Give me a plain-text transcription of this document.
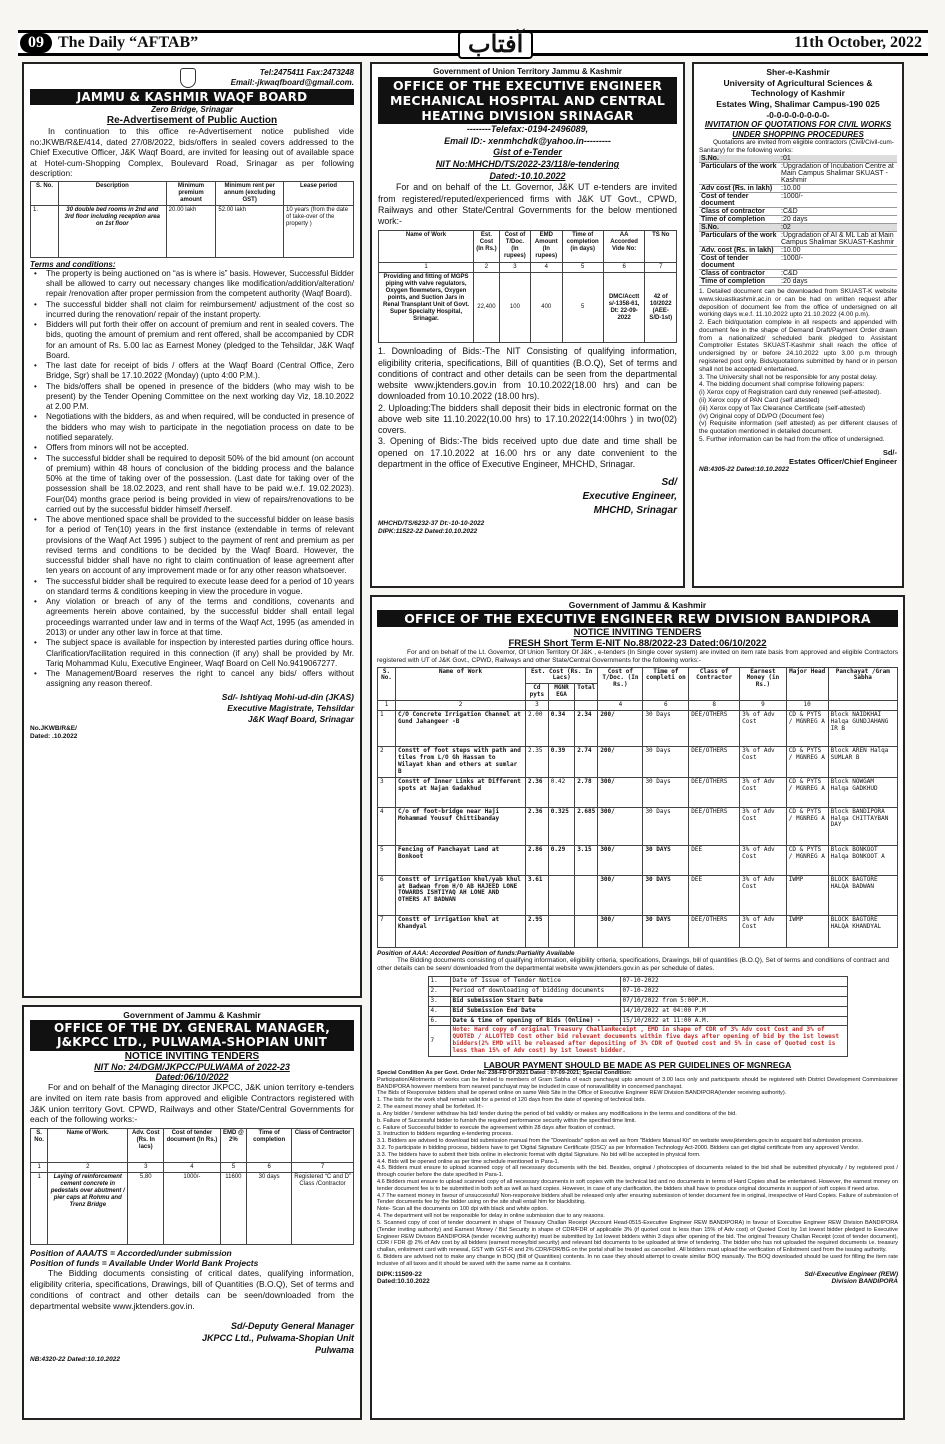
09 The Daily “AFTAB”	آفتاب	11th October, 2022
Tel:2475411 Fax:2473248
Email:-jkwaqfboard@gmail.com.
JAMMU & KASHMIR WAQF BOARD
Zero Bridge, Srinagar
Re-Advertisement of Public Auction
In continuation to this office re-Advertisement notice published vide no:JKWB/R&E/414, dated 27/08/2022, bids/offers in sealed covers addressed to the Chief Executive Officer, J&K Waqf Board, are invited for leasing out of available space at Hotel-cum-Shopping Complex, Boulevard Road, Srinagar as per following description:
S. No.	Description	Minimum premium amount	Minimum rent per annum (excluding GST)	Lease period
1.	30 double bed rooms in 2nd and 3rd floor including reception area on 1st floor	20.00 lakh	52.00 lakh	10 years (from the date of take-over of the property )
Terms and conditions:
• The property is being auctioned on “as is where is” basis. However, Successful Bidder shall be allowed to carry out necessary changes like modification/addition/alteration/ repair /renovation after proper permission from the competent authority (Waqf Board).
• The successful bidder shall not claim for reimbursement/ adjustment of the cost so incurred during the renovation/ repair of the instant property.
• Bidders will put forth their offer on account of premium and rent in sealed covers. The bids, quoting the amount of premium and rent offered, shall be accompanied by CDR for an amount of Rs. 5.00 lac as Earnest Money (pledged to the Tehsildar, J&K Waqf Board.
• The last date for receipt of bids / offers at the Waqf Board (Central Office, Zero Bridge, Sgr) shall be 17.10.2022 (Monday) (upto 4:00 P.M.).
• The bids/offers shall be opened in presence of the bidders (who may wish to be present) by the Tender Opening Committee on the next working day Viz, 18.10.2022 at 2.00 P.M.
• Negotiations with the bidders, as and when required, will be conducted in presence of the bidders who may wish to participate in the negotiation process on date to be notified separately.
• Offers from minors will not be accepted.
• The successful bidder shall be required to deposit 50% of the bid amount (on account of premium) within 48 hours of conclusion of the bidding process and the balance 50% at the time of taking over of the possession. (Last date for taking over of the possession shall be 18.02.2023, and rent shall have to be paid w.e.f. 19.02.2023). Four(04) months grace period is being provided in view of repairs/renovations to be carried out by the successful bidder himself /herself.
• The above mentioned space shall be provided to the successful bidder on lease basis for a period of Ten(10) years in the first instance (extendable in terms of relevant provisions of the Waqf Act 1995 ) subject to the payment of rent and premium as per revised terms and conditions to be decided by the Waqf Board. However, the successful bidder shall have no right to claim continuation of lease agreement after ten years on account of any improvement made or for any other reason whatsoever.
• The successful bidder shall be required to execute lease deed for a period of 10 years on standard terms & conditions keeping in view the procedure in vogue.
• Any violation or breach of any of the terms and conditions, covenants and agreements herein above contained, by the successful bidder shall entail legal proceedings warranted under law and in terms of the Waqf Act, 1995 (as amended in 2013) or under any other law in force at that time.
• The subject space is available for inspection by interested parties during office hours. Clarification/facilitation required in this connection (if any) shall be provided by Mr. Tariq Mohammad Kulu, Executive Engineer, Waqf Board on Cell No.9419067277.
• The Management/Board reserves the right to cancel any bids/ offers without assigning any reason thereof.
Sd/- Ishtiyaq Mohi-ud-din (JKAS)
Executive Magistrate, Tehsildar
J&K Waqf Board, Srinagar
No.JKWB/R&E/
Dated: .10.2022
Government of Union Territory Jammu & Kashmir
OFFICE OF THE EXECUTIVE ENGINEER MECHANICAL HOSPITAL AND CENTRAL HEATING DIVISION SRINAGAR
--------Telefax:-0194-2496089,
Email ID:- xenmhchdk@yahoo.in---------
Gist of e-Tender
NIT No:MHCHD/TS/2022-23/118/e-tendering
Dated:-10.10.2022
For and on behalf of the Lt. Governor, J&K UT e-tenders are invited from registered/reputed/experienced firms with J&K UT Govt., CPWD, Railways and other State/Central Governments for the below mentioned work:-
Name of Work	Est. Cost (In Rs.)	Cost of T/Doc. (In rupees)	EMD Amount (In rupees)	Time of completion (in days)	AA Accorded Vide No:	TS No
1	2	3	4	5	6	7
Providing and fitting of MGPS piping with valve regulators, Oxygen flowmeters, Oxygen points, and Suction Jars in Renal Transplant Unit of Govt. Super Specialty Hospital, Srinagar.	22,400	100	400	5	DMC/Acctt s/-1358-61, Dt: 22-09-2022	42 of 10/2022 (AEE-S/D-1st)

1. Downloading of Bids:-The NIT Consisting of qualifying information, eligibility criteria, specifications, Bill of quantities (B.O.Q), Set of terms and conditions of contract and other details can be seen from the departmental website www.jktenders.gov.in from 10.10.2022(18.00 hrs) and can be downloaded from 10.10.2022 (18.00 hrs).

2. Uploading:The bidders shall deposit their bids in electronic format on the above web site 11.10.2022(10.00 hrs) to 17.10.2022(14:00hrs ) in two(02) covers.

3. Opening of Bids:-The bids received upto due date and time shall be opened on 17.10.2022 at 16.00 hrs or any date convenient to the department in the office of Executive Engineer, MHCHD, Srinagar.

Sd/
Executive Engineer,
MHCHD, Srinagar
MHCHD/TS/6232-37 Dt:-10-10-2022
DIPK:11522-22 Dated:10.10.2022
Sher-e-Kashmir
University of Agricultural Sciences &
Technology of Kashmir
Estates Wing, Shalimar Campus-190 025
-0-0-0-0-0-0-0-0-
INVITATION OF QUOTATIONS FOR CIVIL WORKS UNDER SHOPPING PROCEDURES
Quotations are invited from eligible contractors (Civil/Civil-cum-Sanitary) for the following works:
S.No.	:01
Particulars of the work	:Upgradation of Incubation Centre at Main Campus Shalimar SKUAST -Kashmir
Adv cost (Rs. in lakh)	:10.00
Cost of tender document	:1000/-
Class of contractor	:C&D
Time of completion	:20 days
S.No.	:02
Particulars of the work	:Upgradation of AI & ML Lab at Main Campus Shalimar SKUAST-Kashmir
Adv. cost (Rs. in lakh)	:10.00
Cost of tender document	:1000/-
Class of contractor	:C&D
Time of completion	:20 days
1. Detailed document can be downloaded from SKUAST-K website www.skuastkashmir.ac.in or can be had on written request after deposition of document fee from the office of undersigned on all working days w.e.f. 11.10.2022 upto 21.10.2022 (4.00 p.m).
2. Each bid/quotation complete in all respects and appended with document fee in the shape of Demand Draft/Payment Order drawn from a nationalized/ scheduled bank pledged to Assistant Comptroller Estates SKUAST-Kashmir shall reach the office of undersigned by or before 24.10.2022 upto 3.00 p.m through registered post only. Bids/quotations submitted by hand or in person shall not be accepted/ entertained.
3. The University shall not be responsible for any postal delay.
4. The bidding document shall comprise following papers:
(i) Xerox copy of Registration card duly renewed (self-attested).
(ii) Xerox copy of PAN Card (self attested)
(iii) Xerox copy of Tax Clearance Certificate (self-attested)
(iv) Original copy of DD/PO (Document fee)
(v) Requisite information (self attested) as per different clauses of the quotation mentioned in detailed document.
5. Further information can be had from the office of undersigned.
Sd/-
Estates Officer/Chief Engineer
NB:4305-22 Dated:10.10.2022
Government of Jammu & Kashmir
OFFICE OF THE EXECUTIVE ENGINEER REW DIVISION BANDIPORA
NOTICE INVITING TENDERS
FRESH Short Term E-NIT No.88/2022-23 Dated:06/10/2022
For and on behalf of the Lt. Governor, Of Union Territory Of J&K , e-tenders (In Single cover system) are invited on item rate basis from approved and eligible Contractors registered with UT of J&K Govt., CPWD, Railways and other State/Central Governments for the following works:-
S. No.	Name of Work	Est. Cost (Rs. In Lacs)			Cost of T/Doc. (In Rs.)	Time of completi on	Class of Contractor	Earnest Money (in Rs.)	Major Head	Panchayat /Gram Sabha
		Cd pyts	MGNR EGA	Total						
1	2	3			4	6	8	9	10	
1	C/O Concrete Irrigation Channel at Gund Jahangeer -B	2.00	0.34	2.34	200/	30 Days	DEE/OTHERS	3% of Adv Cost	CD & PYTS / MGNREG A	Block NAIDKHAI Halqa GUNDJAHANG IR B
2	Constt of foot steps with path and tiles from L/O Gh Hassan to Wilayat khan and others at sumlar B	2.35	0.39	2.74	200/	30 Days	DEE/OTHERS	3% of Adv Cost	CD & PYTS / MGNREG A	Block AREN Halqa SUMLAR B
3	Constt of Inner Links at Different spots at Najan Gadakhud	2.36	0.42	2.78	300/	30 Days	DEE/OTHERS	3% of Adv Cost	CD & PYTS / MGNREG A	Block NOWGAM Halqa GADKHUD
4	C/o of foot-bridge near Haji Mohammad Yousuf Chittibanday	2.36	0.325	2.685	300/	30 Days	DEE/OTHERS	3% of Adv Cost	CD & PYTS / MGNREG A	Block BANDIPORA Halqa CHITTAYBAN DAY
5	Fencing of Panchayat Land at Bonkoot	2.86	0.29	3.15	300/	30 DAYS	DEE	3% of Adv Cost	CD & PYTS / MGNREG A	Block BONKOOT Halqa BONKOOT A
6	Constt of irrigation khul/yab khul at Badwan from H/O AB HAJEED LONE TOWARDS ISHTIYAQ AH LONE AND OTHERS AT BADWAN	3.61			300/	30 DAYS	DEE	3% of Adv Cost	IWMP	BLOCK BAGTORE HALQA BADWAN
7	Constt of irrigation khul at Khandyal	2.95			300/	30 DAYS	DEE/OTHERS	3% of Adv Cost	IWMP	BLOCK BAGTORE HALQA KHANDYAL
Position of AAA: Accorded Position of funds:Partiality Available
The Bidding documents consisting of qualifying information, eligibility criteria, specifications, Drawings, bill of quantities (B.O.Q), Set of terms and conditions of contract and other details can be seen/ downloaded from the departmental website www.jktenders.gov.in as per schedule of dates.
1.	Date of Issue of Tender Notice	07-10-2022
2.	Period of downloading of bidding documents	07-10-2022
3.	Bid submission Start Date	07/10/2022 from 5:00P.M.
4.	Bid Submission End Date	14/10/2022 at 04:00 P.M
6.	Date & time of opening of Bids (Online) -	15/10/2022 at 11:00 A.M.
7	Note: Hard copy of original Treasury ChallanReceipt , EMD in shape of CDR of 3% Adv cost Cost and 3% of QUOTED / ALLOTTED Cost other bid relevant documents within five days after opening of bid by the 1st lowest bidders(2% EMD will be released after depositing of 3% CDR of Quoted cost and 5% in case of Quoted cost is less than 15% of Adv cost) by 1st lowest bidder.	
LABOUR PAYMENT SHOULD BE MADE AS PER GUIDELINES OF MGNREGA
Special Condition As per Govt. Order No: 238-FD Of 2021 Dated : 07-09-2021; Special Condition:
Participation/Allotments of works can be limited to members of Gram Sabha of each panchayat upto amount of 3.00 lacs only and participants should be registered with District Development Commissioner BANDIPORA however members from nearest panchayat may be included in case of nonavailibility in concerned panchayat.
The Bids of Responsive bidders shall be opened online on same Web Site in the Office of Executive Engineer REW Division BANDIPORA(tender receiving authority).
1. The bids for the work shall remain valid for a period of 120 days from the date of opening of technical bids.
2. The earnest money shall be forfeited. If:-
a. Any bidder / tenderer withdraw his bid/ tender during the period of bid validity or makes any modifications in the terms and conditions of the bid.
b. Failure of Successful bidder to furnish the required performance security within the specified time limit.
c. Failure of Successful bidder to execute the agreement within 28 days after fixation of contract.
3. Instruction to bidders regarding e-tendering process.
3.1. Bidders are advised to download bid submission manual from the "Downloads" option as well as from "Bidders Manual Kit" on website www.jktenders.gov.in to acquaint bid submission process.
3.2. To participate in bidding process, bidders have to get 'Digital Signature Certificate (DSC)' as per Information Technology Act-2000. Bidders can get digital certificate from any approved Vendor.
3.3. The bidders have to submit their bids online in electronic format with digital Signature. No bid will be accepted in physical form.
4.4. Bids will be opened online as per time schedule mentioned in Para-1.
4.5. Bidders must ensure to upload scanned copy of all necessary documents with the bid. Besides, original / photocopies of documents related to the bid shall be submitted physically / by registered post / through courier before the date specified in Para-1.
4.6 Bidders must ensure to upload scanned copy of all necessary documents in soft copies with the technical bid and no documents in terms of Hard Copies shall be entertained. However, the earnest money on tender document fee is to be submitted in both soft as well as hard copies. However, in case of any clarification, the bidders shall have to produce original documents in support of soft copies if need arise.
4.7 The earnest money in favour of unsuccessful/ Non-responsive bidders shall be released only after ensuring submission of tender document fee in original, irrespective of Hard Copies. Failure of submission of Tender documents fee by the bidder using on the site shall entail him for blacklisting.
Note- Scan all the documents on 100 dpi with black and white option.
4. The department will not be responsible for delay in online submission due to any reasons.
5. Scanned copy of cost of tender document in shape of Treasury Challan Receipt (Account Head-0515-Executive Engineer REW BANDIPORA) in favour of Executive Engineer REW Division BANDIPORA (Tender inviting authority) and Earnest Money / Bid Security in shape of CDR/FDR of applicable 3% (if quoted cost is less than 15% of Adv cost) of Quoted Cost by 1st lowest bidder pledged to Executive Engineer REW Division BANDIPORA (tender receiving authority) must be submitted by 1st lowest bidders within 3 days after opening of the bid. The original Treasury Challan Receipt (cost of tender document), CDR / FDR @ 2% of Adv cost by all bidders (earnest money/bid security) and relevant bid documents to be uploaded at time of tendering. The bidder who has not uploaded the required documents i.e. treasury challan, enlistment card with renewal, GST with GST-R and 2% CDR/FDR/BG on the portal shall be treated as cancelled . All bidders must upload the verification of Enlistment card from the issuing authority.
6. Bidders are advised not to make any change in BOQ (Bill of Quantities) contents. In no case they should attempt to create similar BOQ manually. The BOQ downloaded should be used for filling the item rate inclusive of all taxes and it should be saved with the same name as it contains.
DIPK:11509-22
Dated:10.10.2022
Sd/-Executive Engineer (REW)
Division BANDIPORA
Government of Jammu & Kashmir
OFFICE OF THE DY. GENERAL MANAGER, J&KPCC LTD., PULWAMA-SHOPIAN UNIT
NOTICE INVITING TENDERS
NIT No: 24/DGM/JKPCC/PULWAMA of 2022-23
Dated:06/10/2022
For and on behalf of the Managing director JKPCC, J&K union territory e-tenders are invited on item rate basis from approved and eligible Contractors registered with J&K union territory Govt. CPWD, Railways and other State/Central Governments for each of the following works:-
S. No.	Name of Work.	Adv. Cost (Rs. In lacs)	Cost of tender document (In Rs.)	EMD @ 2%	Time of completion	Class of Contractor
1	2	3	4	5	6	7
1	Laying of reinforcement cement concrete in pedestals over abutment / pier caps at Rohmu and Trenz Bridge	5.80	1000/-	11600	30 days	Registered “C and D” Class /Contractor
Position of AAA/TS = Accorded/under submission
Position of funds = Available Under World Bank Projects
The Bidding documents consisting of critical dates, qualifying information, eligibility criteria, specifications, Drawings, bill of Quantities (B.O.Q), Set of terms and conditions of contract and other details can be seen/downloaded from the departmental website www.jktenders.gov.in.
Sd/-Deputy General Manager
JKPCC Ltd., Pulwama-Shopian Unit
Pulwama
NB:4320-22 Dated:10.10.2022
